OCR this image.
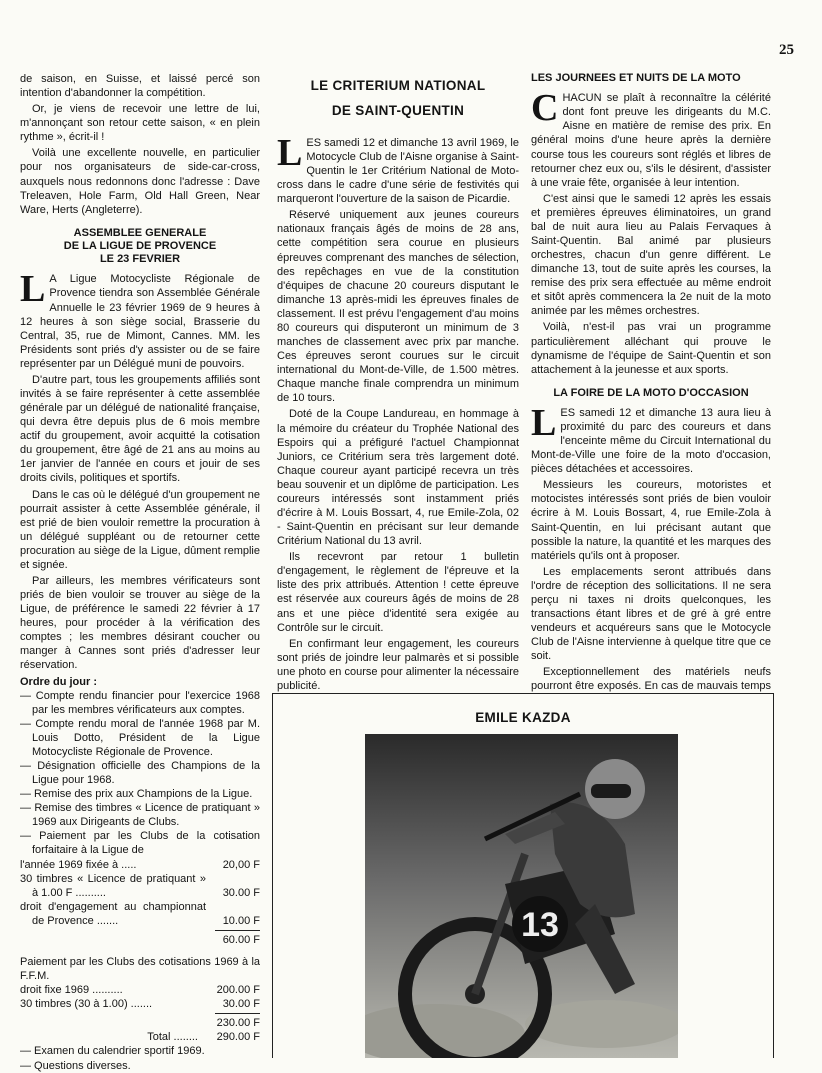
25

de saison, en Suisse, et laissé percé son intention d'abandonner la compétition.

Or, je viens de recevoir une lettre de lui, m'annonçant son retour cette saison, « en plein rythme », écrit-il !

Voilà une excellente nouvelle, en particulier pour nos organisateurs de side-car-cross, auxquels nous redonnons donc l'adresse : Dave Treleaven, Hole Farm, Old Hall Green, Near Ware, Herts (Angleterre).

ASSEMBLEE GENERALE
DE LA LIGUE DE PROVENCE
LE 23 FEVRIER

L A Ligue Motocycliste Régionale de Provence tiendra son Assemblée Générale Annuelle le 23 février 1969 de 9 heures à 12 heures à son siège social, Brasserie du Central, 35, rue de Mimont, Cannes. MM. les Présidents sont priés d'y assister ou de se faire représenter par un Délégué muni de pouvoirs.

D'autre part, tous les groupements affiliés sont invités à se faire représenter à cette assemblée générale par un délégué de nationalité française, qui devra être depuis plus de 6 mois membre actif du groupement, avoir acquitté la cotisation du groupement, être âgé de 21 ans au moins au 1er janvier de l'année en cours et jouir de ses droits civils, politiques et sportifs.

Dans le cas où le délégué d'un groupement ne pourrait assister à cette Assemblée générale, il est prié de bien vouloir remettre la procuration à un délégué suppléant ou de retourner cette procuration au siège de la Ligue, dûment remplie et signée.

Par ailleurs, les membres vérificateurs sont priés de bien vouloir se trouver au siège de la Ligue, de préférence le samedi 22 février à 17 heures, pour procéder à la vérification des comptes ; les membres désirant coucher ou manger à Cannes sont priés d'adresser leur réservation.

Ordre du jour :
— Compte rendu financier pour l'exercice 1968 par les membres vérificateurs aux comptes.
— Compte rendu moral de l'année 1968 par M. Louis Dotto, Président de la Ligue Motocycliste Régionale de Provence.
— Désignation officielle des Champions de la Ligue pour 1968.
— Remise des prix aux Champions de la Ligue.
— Remise des timbres « Licence de pratiquant » 1969 aux Dirigeants de Clubs.
— Paiement par les Clubs de la cotisation forfaitaire à la Ligue de
l'année 1969 fixée à .....	20,00 F
30 timbres « Licence de pratiquant » à 1.00 F ..........	30.00 F
droit d'engagement au championnat de Provence .......	10.00 F
60.00 F
Paiement par les Clubs des cotisations 1969 à la F.F.M.
droit fixe 1969 ..........	200.00 F
30 timbres (30 à 1.00) .......	30.00 F
230.00 F
Total ........	290.00 F
— Examen du calendrier sportif 1969.
— Questions diverses.
LE CRITERIUM NATIONAL
DE SAINT-QUENTIN

L ES samedi 12 et dimanche 13 avril 1969, le Motocycle Club de l'Aisne organise à Saint-Quentin le 1er Critérium National de Moto-cross dans le cadre d'une série de festivités qui marqueront l'ouverture de la saison de Picardie.

Réservé uniquement aux jeunes coureurs nationaux français âgés de moins de 28 ans, cette compétition sera courue en plusieurs épreuves comprenant des manches de sélection, des repêchages en vue de la constitution d'équipes de chacune 20 coureurs disputant le dimanche 13 après-midi les épreuves finales de classement. Il est prévu l'engagement d'au moins 80 coureurs qui disputeront un minimum de 3 manches de classement avec prix par manche. Ces épreuves seront courues sur le circuit international du Mont-de-Ville, de 1.500 mètres. Chaque manche finale comprendra un minimum de 10 tours.

Doté de la Coupe Landureau, en hommage à la mémoire du créateur du Trophée National des Espoirs qui a préfiguré l'actuel Championnat Juniors, ce Critérium sera très largement doté. Chaque coureur ayant participé recevra un très beau souvenir et un diplôme de participation. Les coureurs intéressés sont instamment priés d'écrire à M. Louis Bossart, 4, rue Emile-Zola, 02 - Saint-Quentin en précisant sur leur demande Critérium National du 13 avril.

Ils recevront par retour 1 bulletin d'engagement, le règlement de l'épreuve et la liste des prix attribués. Attention ! cette épreuve est réservée aux coureurs âgés de moins de 28 ans et une pièce d'identité sera exigée au Contrôle sur le circuit.

En confirmant leur engagement, les coureurs sont priés de joindre leur palmarès et si possible une photo en course pour alimenter la nécessaire publicité.

LES JOURNEES ET NUITS DE LA MOTO

C HACUN se plaît à reconnaître la célérité dont font preuve les dirigeants du M.C. Aisne en matière de remise des prix. En général moins d'une heure après la dernière course tous les coureurs sont réglés et libres de retourner chez eux ou, s'ils le désirent, d'assister à une vraie fête, organisée à leur intention.

C'est ainsi que le samedi 12 après les essais et premières épreuves éliminatoires, un grand bal de nuit aura lieu au Palais Fervaques à Saint-Quentin. Bal animé par plusieurs orchestres, chacun d'un genre différent. Le dimanche 13, tout de suite après les courses, la remise des prix sera effectuée au même endroit et sitôt après commencera la 2e nuit de la moto animée par les mêmes orchestres.

Voilà, n'est-il pas vrai un programme particulièrement alléchant qui prouve le dynamisme de l'équipe de Saint-Quentin et son attachement à la jeunesse et aux sports.

LA FOIRE DE LA MOTO D'OCCASION

L ES samedi 12 et dimanche 13 aura lieu à proximité du parc des coureurs et dans l'enceinte même du Circuit International du Mont-de-Ville une foire de la moto d'occasion, pièces détachées et accessoires.

Messieurs les coureurs, motoristes et motocistes intéressés sont priés de bien vouloir écrire à M. Louis Bossart, 4, rue Emile-Zola à Saint-Quentin, en lui précisant autant que possible la nature, la quantité et les marques des matériels qu'ils ont à proposer.

Les emplacements seront attribués dans l'ordre de réception des sollicitations. Il ne sera perçu ni taxes ni droits quelconques, les transactions étant libres et de gré à gré entre vendeurs et acquéreurs sans que le Motocycle Club de l'Aisne intervienne à quelque titre que ce soit.

Exceptionnellement des matériels neufs pourront être exposés. En cas de mauvais temps

EMILE KAZDA
13
